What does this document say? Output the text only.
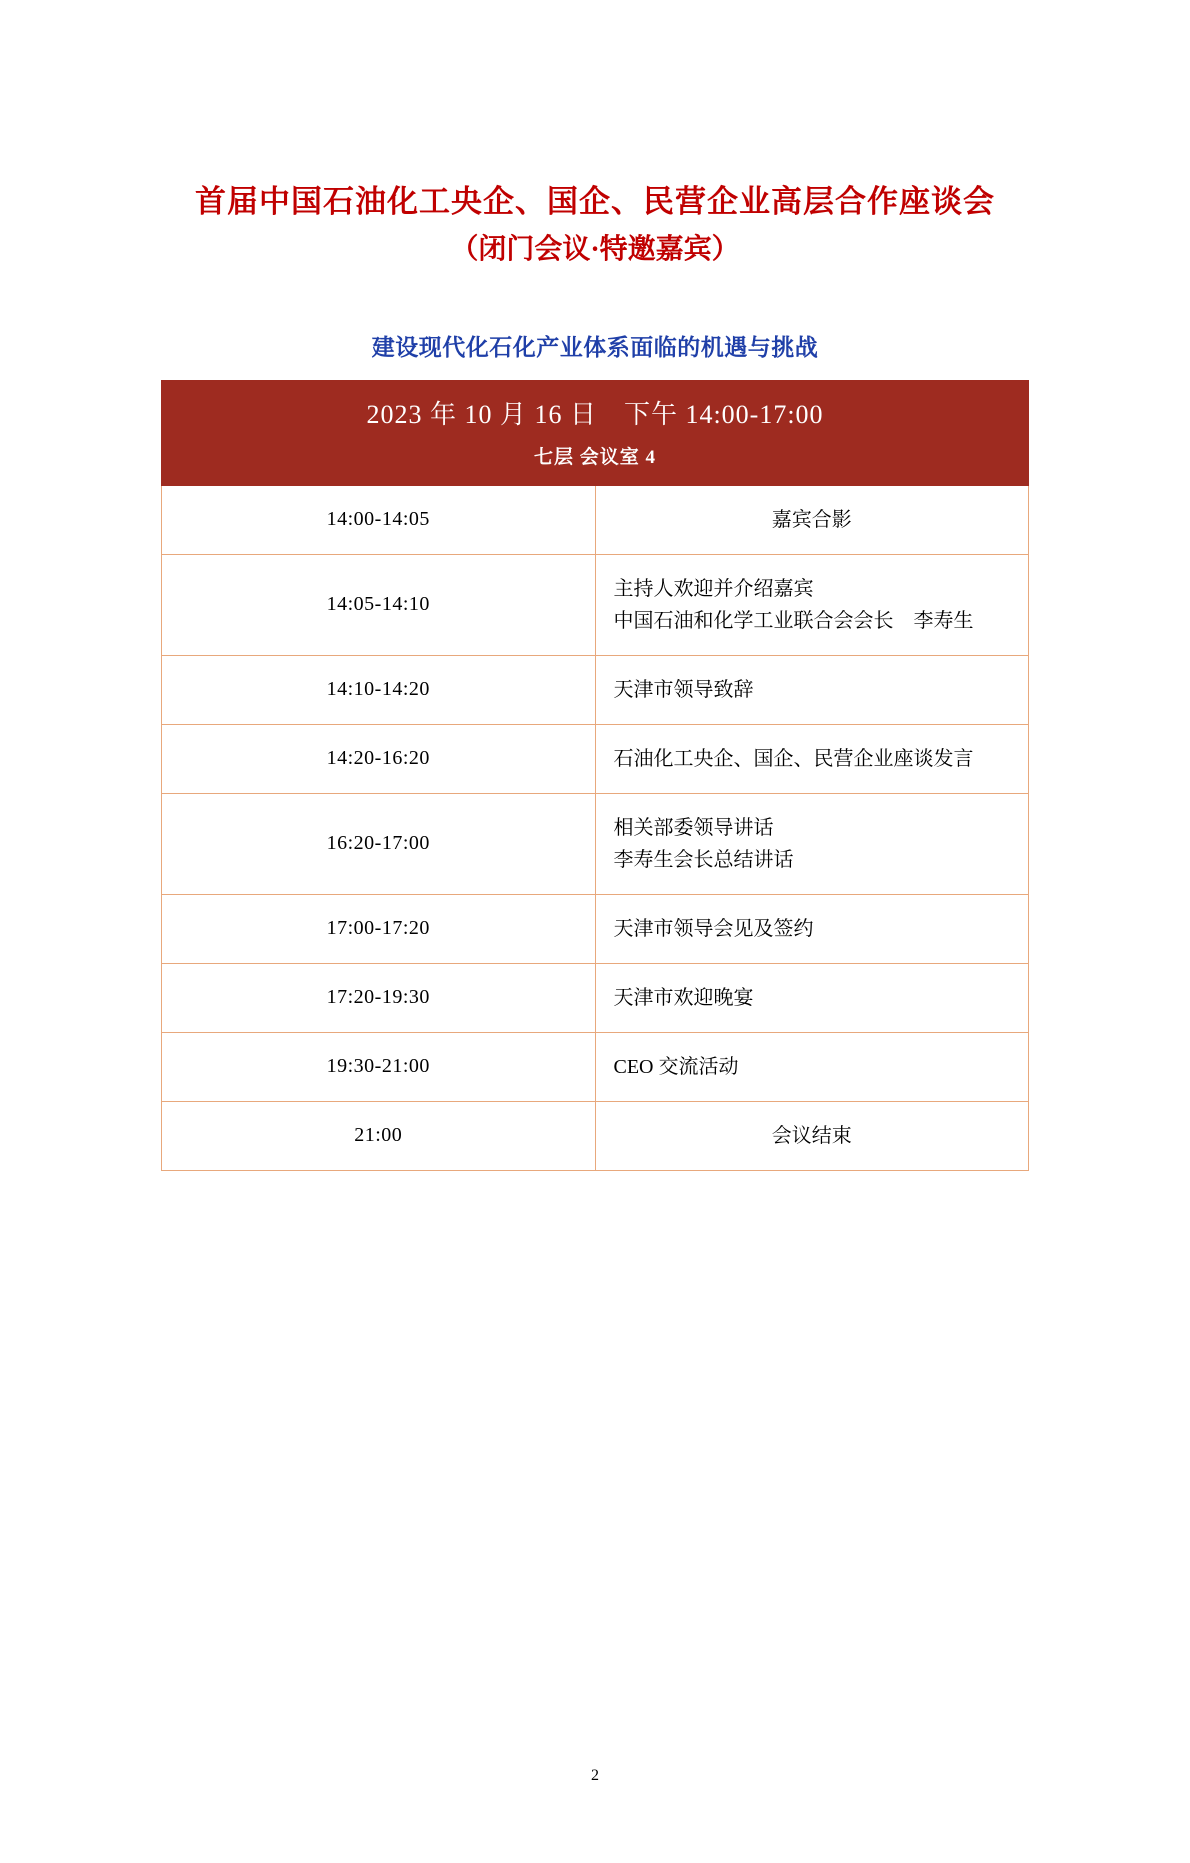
首届中国石油化工央企、国企、民营企业高层合作座谈会
（闭门会议·特邀嘉宾）
建设现代化石化产业体系面临的机遇与挑战
2023 年 10 月 16 日　下午 14:00-17:00
七层 会议室 4	

14:00-14:05	嘉宾合影

14:05-14:10	主持人欢迎并介绍嘉宾
中国石油和化学工业联合会会长　李寿生

14:10-14:20	天津市领导致辞

14:20-16:20	石油化工央企、国企、民营企业座谈发言

16:20-17:00	相关部委领导讲话
李寿生会长总结讲话

17:00-17:20	天津市领导会见及签约

17:20-19:30	天津市欢迎晚宴

19:30-21:00	CEO 交流活动

21:00	会议结束
2
